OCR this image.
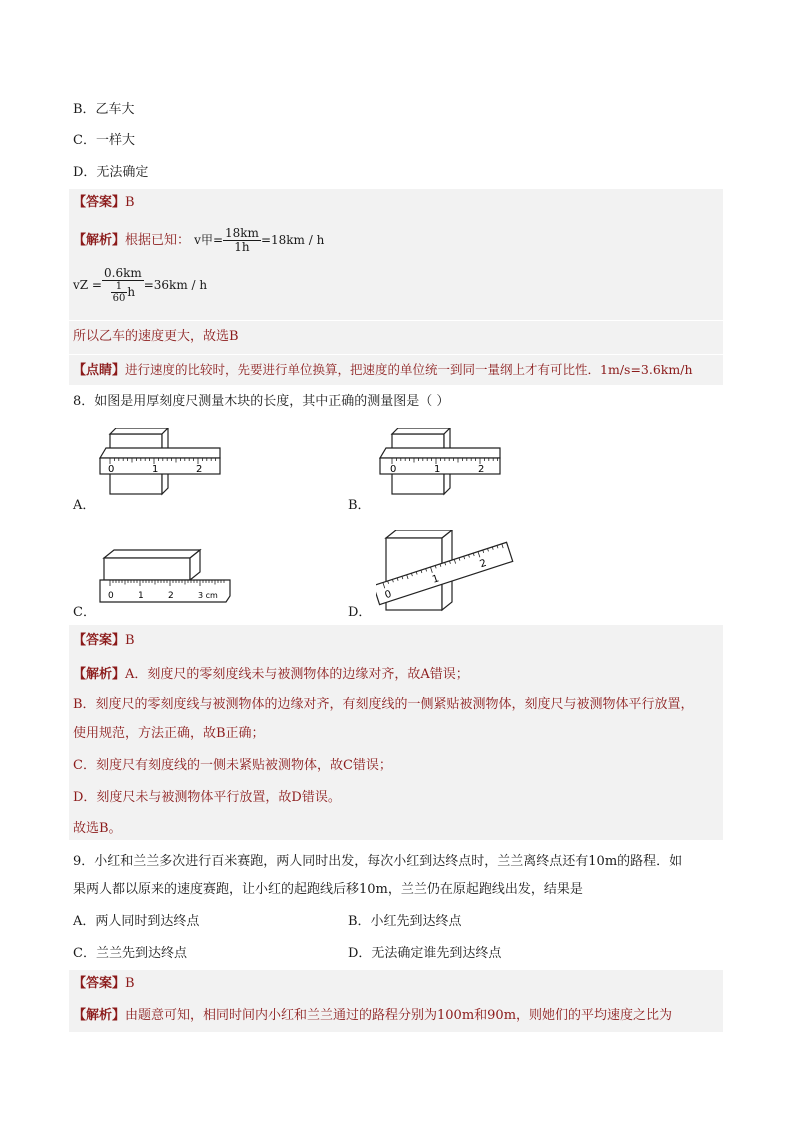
B．乙车大
C．一样大
D．无法确定
【答案】B
【解析】根据已知： v甲= $\frac{18km}{1h} =18km / h$
vZ = $\frac{0.6km}{\frac{1}{60} h} =36km / h$
所以乙车的速度更大，故选B
【点睛】进行速度的比较时，先要进行单位换算，把速度的单位统一到同一量纲上才有可比性．1m/s=3.6km/h
8．如图是用厚刻度尺测量木块的长度，其中正确的测量图是（ ）
0	1	2
A．
0	1	2
B．
0	1	2	3 cm
C．
0
1
2
D．
【答案】B
【解析】A．刻度尺的零刻度线未与被测物体的边缘对齐，故A错误；
B．刻度尺的零刻度线与被测物体的边缘对齐，有刻度线的一侧紧贴被测物体，刻度尺与被测物体平行放置，
使用规范，方法正确，故B正确；
C．刻度尺有刻度线的一侧未紧贴被测物体，故C错误；
D．刻度尺未与被测物体平行放置，故D错误。
故选B。
9．小红和兰兰多次进行百米赛跑，两人同时出发，每次小红到达终点时，兰兰离终点还有10m的路程．如
果两人都以原来的速度赛跑，让小红的起跑线后移10m，兰兰仍在原起跑线出发，结果是
A．两人同时到达终点	B．小红先到达终点
C．兰兰先到达终点	D．无法确定谁先到达终点
【答案】B
【解析】由题意可知，相同时间内小红和兰兰通过的路程分别为100m和90m，则她们的平均速度之比为
